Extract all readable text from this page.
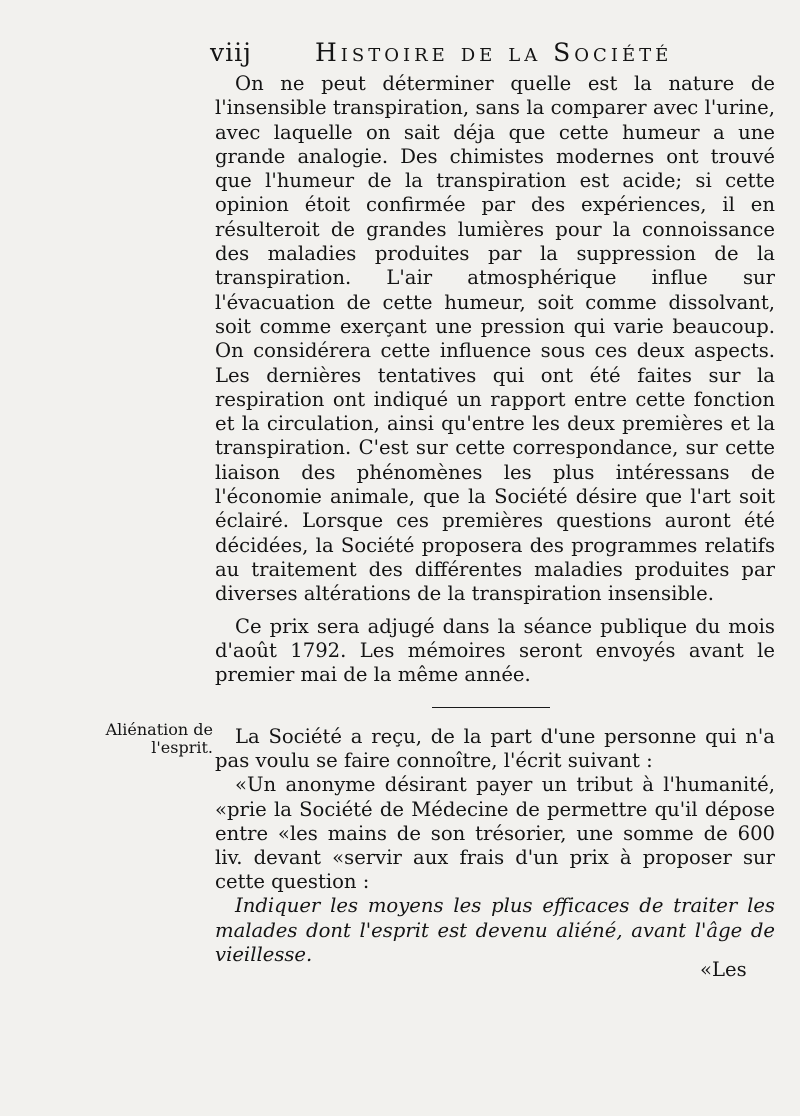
viij	Histoire de la Société

On ne peut déterminer quelle est la nature de l'insensible transpiration, sans la comparer avec l'urine, avec laquelle on sait déja que cette humeur a une grande analogie. Des chimistes modernes ont trouvé que l'humeur de la transpiration est acide; si cette opinion étoit confirmée par des expériences, il en résulteroit de grandes lumières pour la connoissance des maladies produites par la suppression de la transpiration. L'air atmosphérique influe sur l'évacuation de cette humeur, soit comme dissolvant, soit comme exerçant une pression qui varie beaucoup. On considérera cette influence sous ces deux aspects. Les dernières tentatives qui ont été faites sur la respiration ont indiqué un rapport entre cette fonction et la circulation, ainsi qu'entre les deux premières et la transpiration. C'est sur cette correspondance, sur cette liaison des phénomènes les plus intéressans de l'économie animale, que la Société désire que l'art soit éclairé. Lorsque ces premières questions auront été décidées, la Société proposera des programmes relatifs au traitement des différentes maladies produites par diverses altérations de la transpiration insensible.

Ce prix sera adjugé dans la séance publique du mois d'août 1792. Les mémoires seront envoyés avant le premier mai de la même année.

Aliénation de l'esprit.	La Société a reçu, de la part d'une personne qui n'a pas voulu se faire connoître, l'écrit suivant :

«Un anonyme désirant payer un tribut à l'humanité, «prie la Société de Médecine de permettre qu'il dépose entre «les mains de son trésorier, une somme de 600 liv. devant «servir aux frais d'un prix à proposer sur cette question :

Indiquer les moyens les plus efficaces de traiter les malades dont l'esprit est devenu aliéné, avant l'âge de vieillesse.

«Les
